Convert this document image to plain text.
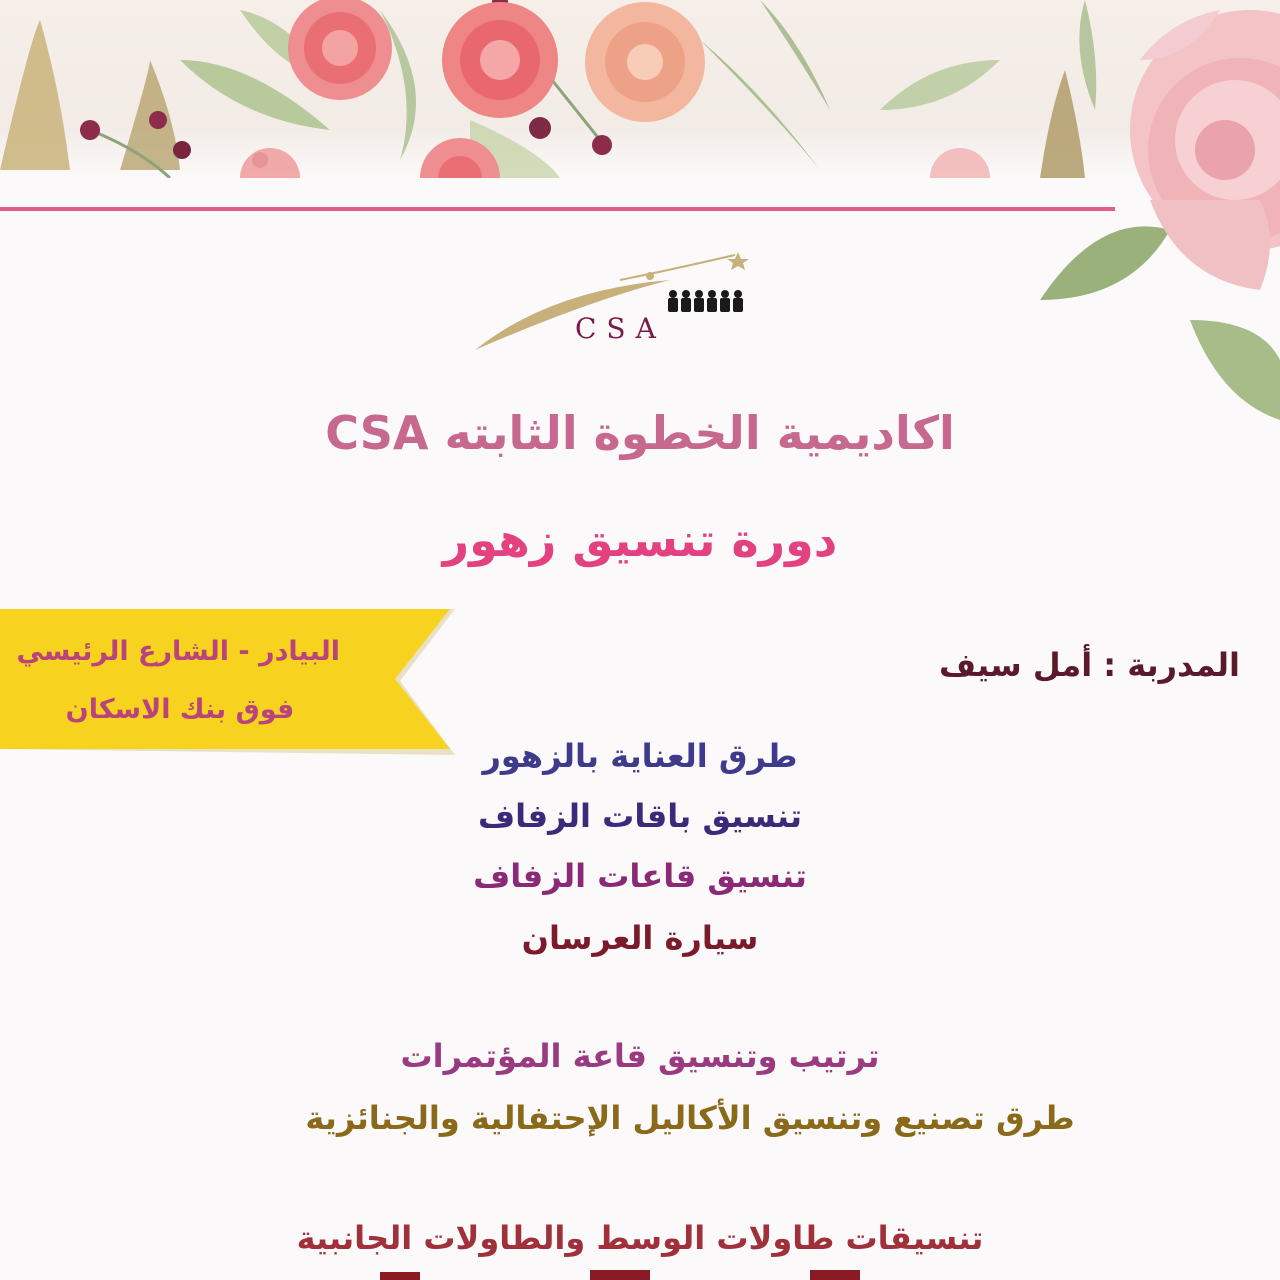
CSA
اكاديمية الخطوة الثابته CSA
دورة تنسيق زهور
البيادر - الشارع الرئيسي
فوق بنك الاسكان
المدربة : أمل سيف
طرق العناية بالزهور
تنسيق باقات الزفاف
تنسيق قاعات الزفاف
سيارة العرسان
ترتيب وتنسيق قاعة المؤتمرات
طرق تصنيع وتنسيق الأكاليل الإحتفالية والجنائزية
تنسيقات طاولات الوسط والطاولات الجانبية
